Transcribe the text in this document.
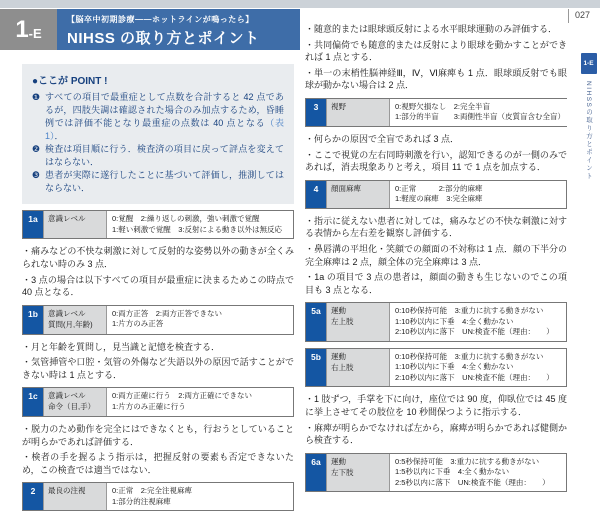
1 -E
【脳卒中初期診療——ホットラインが鳴ったら】
NIHSS の取り方とポイント
027
1-E
NIHSSの取り方とポイント

●ここが POINT !

❶ すべての項目で最重症として点数を合計すると 42 点であるが，四肢失調は確認された場合のみ加点するため，昏睡例では評価不能となり最重症の点数は 40 点となる（表1）．

❷ 検査は項目順に行う．検査済の項目に戻って評点を変えてはならない．

❸ 患者が実際に遂行したことに基づいて評価し，推測してはならない．

1a	意識レベル	0:覚醒　2:繰り返しの刺激，強い刺激で覚醒
1:軽い刺激で覚醒　3:反射による動き以外は無反応

・痛みなどの不快な刺激に対して反射的な姿勢以外の動きが全くみられない時のみ 3 点．

・3 点の場合は以下すべての項目が最重症に決まるためこの時点で 40 点となる．

1b	意識レベル
質問(月,年齢)
0:両方正答　2:両方正答できない
1:片方のみ正答

・月と年齢を質問し，見当識と記憶を検査する．

・気管挿管や口腔・気管の外傷など失語以外の原因で話すことができない時は 1 点とする．

1c	意識レベル
命令（目,手）
0:両方正確に行う　2:両方正確にできない
1:片方のみ正確に行う

・脱力のため動作を完全にはできなくとも，行おうとしていることが明らかであれば評価する．

・検者の手を握るよう指示は，把握反射の要素も否定できないため，この検査では適当ではない．

2	最良の注視	0:正常　2:完全注視麻痺
1:部分的注視麻痺

・随意的または眼球頭反射による水平眼球運動のみ評価する．

・共同偏倚でも随意的または反射により眼球を動かすことができれば 1 点とする．

・単一の末梢性脳神経Ⅲ，Ⅳ，Ⅵ麻痺も 1 点．眼球頭反射でも眼球が動かない場合は 2 点．

3	視野	0:視野欠損なし　2:完全半盲
1:部分的半盲　　3:両側性半盲（皮質盲含む全盲）

・何らかの原因で全盲であれば 3 点．

・ここで視覚の左右同時刺激を行い，認知できるのが一側のみであれば，消去現象ありと考え，項目 11 で 1 点を加点する．

4	顔面麻痺	0:正常　　　2:部分的麻痺
1:軽度の麻痺　3:完全麻痺

・指示に従えない患者に対しては，痛みなどの不快な刺激に対する表情から左右差を観察し評価する．

・鼻唇溝の平坦化・笑顔での顔面の不対称は 1 点．顔の下半分の完全麻痺は 2 点，顔全体の完全麻痺は 3 点．

・1a の項目で 3 点の患者は，顔面の動きも生じないのでこの項目も 3 点となる．

5a	運動
左上肢
0:10秒保持可能　3:重力に抗する動きがない
1:10秒以内に下垂　4:全く動かない
2:10秒以内に落下　UN:検査不能（理由：　　）
5b	運動
右上肢
0:10秒保持可能　3:重力に抗する動きがない
1:10秒以内に下垂　4:全く動かない
2:10秒以内に落下　UN:検査不能（理由：　　）

・1 肢ずつ，手掌を下に向け，座位では 90 度，仰臥位では 45 度に挙上させてその肢位を 10 秒間保つように指示する．

・麻痺が明らかでなければ左から，麻痺が明らかであれば健側から検査する．

6a	運動
左下肢
0:5秒保持可能　3:重力に抗する動きがない
1:5秒以内に下垂　4:全く動かない
2:5秒以内に落下　UN:検査不能（理由：　　）
